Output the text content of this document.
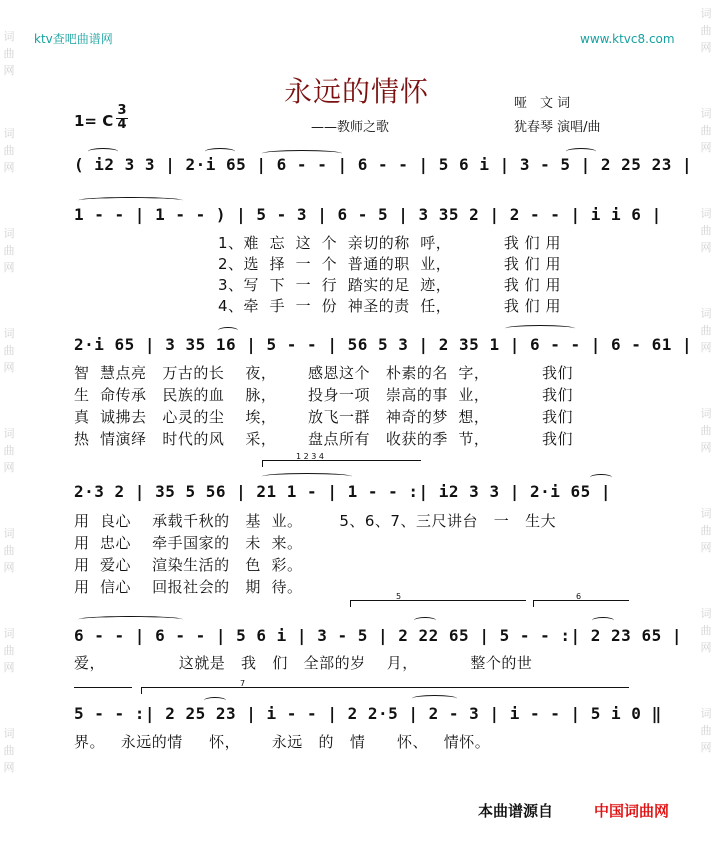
词
曲
网
词
曲
网
词
曲
网
词
曲
网
词
曲
网
词
曲
网
词
曲
网
词
曲
网
词
曲
网
词
曲
网
词
曲
网
词
曲
网
词
曲
网
词
曲
网
词
曲
网
词
曲
网
ktv查吧曲谱网	www.ktvc8.com
永远的情怀
——教师之歌
哑　文 词
犹春琴 演唱/曲
1= C
3
4
( i2 3 3 | 2·i 65 | 6 - - | 6 - - | 5 6 i | 3 - 5 | 2 25 23 |
1 - - | 1 - - ) | 5 - 3 | 6 - 5 | 3 35 2 | 2 - - | i i 6 |
1、难  忘  这  个  亲切的称  呼，          我 们 用
2、选  择  一  个  普通的职  业，          我 们 用
3、写  下  一  行  踏实的足  迹，          我 们 用
4、牵  手  一  份  神圣的责  任，          我 们 用
2·i 65 | 3 35 16 | 5 - - | 56 5 3 | 2 35 1 | 6 - - | 6 - 61 |
智  慧点亮   万古的长    夜，      感恩这个   朴素的名  字，          我们
生  命传承   民族的血    脉，      投身一项   崇高的事  业，          我们
真  诚拂去   心灵的尘    埃，      放飞一群   神奇的梦  想，          我们
热  情演绎   时代的风    采，      盘点所有   收获的季  节，          我们
1 2 3 4
2·3 2 | 35 5 56 | 21 1 - | 1 - - :| i2 3 3 | 2·i 65 |
用  良心    承载千秋的   基  业。       5、6、7、三尺讲台   一   生大
用  忠心    牵手国家的   未  来。
用  爱心    渲染生活的   色  彩。
用  信心    回报社会的   期  待。
5	6
6 - - | 6 - - | 5 6 i | 3 - 5 | 2 22 65 | 5 - - :| 2 23 65 |
爱，              这就是   我   们   全部的岁    月，          整个的世
7
5 - - :| 2 25 23 | i - - | 2 2·5 | 2 - 3 | i - - | 5 i 0 ‖
界。   永远的情     怀，      永远   的   情      怀、   情怀。
本曲谱源自	中国词曲网
